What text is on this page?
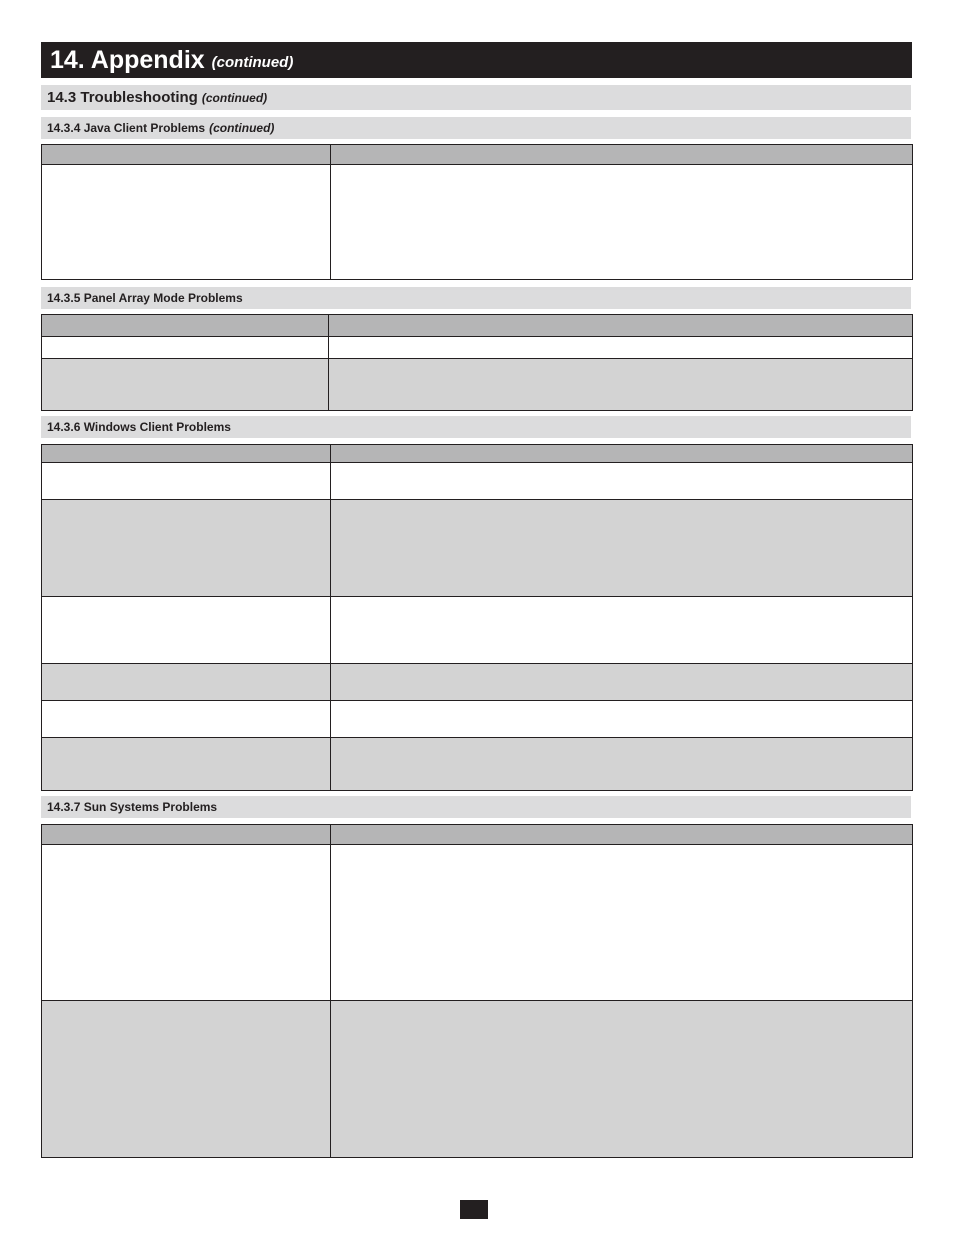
14. Appendix (continued)
14.3 Troubleshooting (continued)
14.3.4 Java Client Problems (continued)

14.3.5 Panel Array Mode Problems

14.3.6 Windows Client Problems

14.3.7 Sun Systems Problems
